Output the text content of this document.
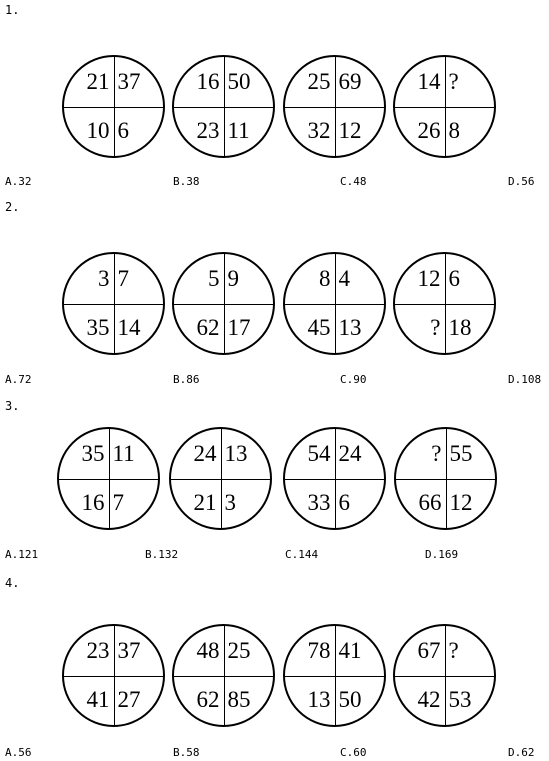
1.
21 37
10 6
16 50
23 11
25 69
32 12
14 ?
26 8
A.32	B.38	C.48	D.56
2.
3 7
35 14
5 9
62 17
8 4
45 13
12 6
? 18
A.72	B.86	C.90	D.108
3.
35 11
16 7
24 13
21 3
54 24
33 6
? 55
66 12
A.121	B.132	C.144	D.169
4.
23 37
41 27
48 25
62 85
78 41
13 50
67 ?
42 53
A.56	B.58	C.60	D.62
